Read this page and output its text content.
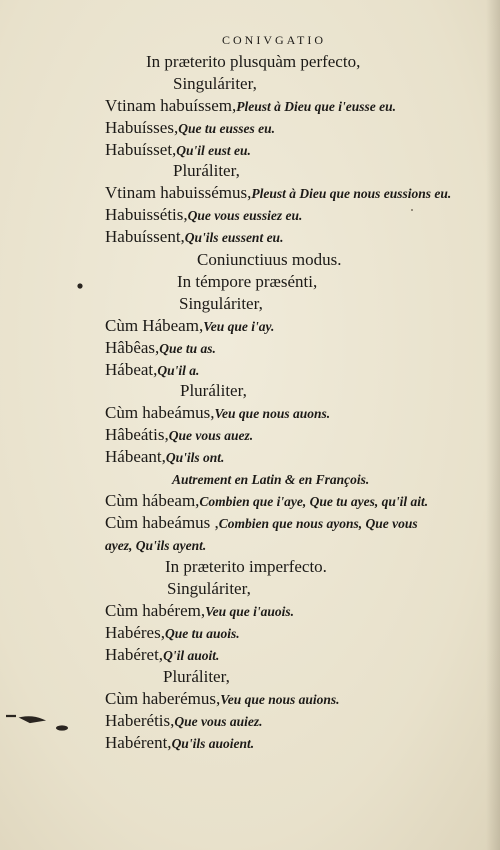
CONIVGATIO
In præterito plusquàm perfecto,
Singuláriter,
Vtinam habuíssem,Pleust à Dieu que i'eusse eu.
Habuísses,Que tu eusses eu.
Habuísset,Qu'il eust eu.
Pluráliter,
Vtinam habuissémus,Pleust à Dieu que nous eussions eu.
Habuissétis,Que vous eussiez eu.
Habuíssent,Qu'ils eussent eu.
Coniunctiuus modus.
In témpore præsénti,
Singuláriter,
Cùm Hábeam,Veu que i'ay.
Hâbêas,Que tu as.
Hábeat,Qu'il a.
Pluráliter,
Cùm habeámus,Veu que nous auons.
Hâbeátis,Que vous auez.
Hábeant,Qu'ils ont.
Autrement en Latin & en François.
Cùm hábeam,Combien que i'aye, Que tu ayes, qu'il ait.
Cùm habeámus ,Combien que nous ayons, Que vous
ayez, Qu'ils ayent.
In præterito imperfecto.
Singuláriter,
Cùm habérem,Veu que i'auois.
Habéres,Que tu auois.
Habéret,Q'il auoit.
Pluráliter,
Cùm haberémus,Veu que nous auions.
Haberétis,Que vous auiez.
Habérent,Qu'ils auoient.
